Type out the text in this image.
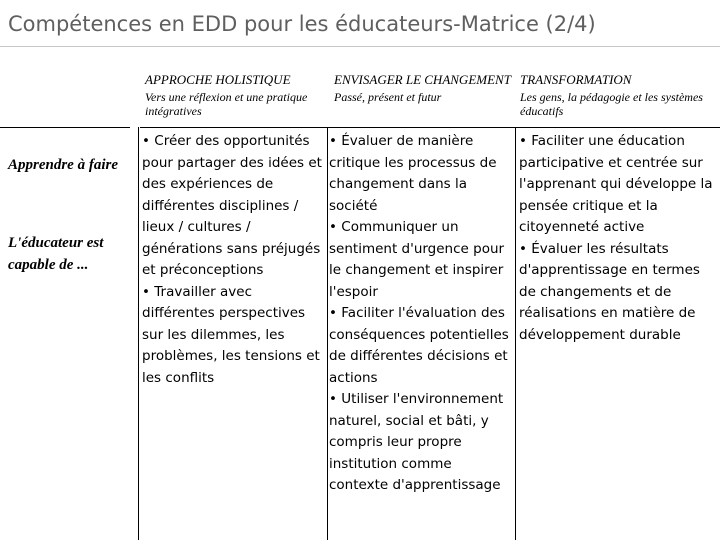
Compétences en EDD pour les éducateurs-Matrice (2/4)
APPROCHE HOLISTIQUE
Vers une réflexion et une pratique intégratives
ENVISAGER LE CHANGEMENT
Passé, présent et futur
TRANSFORMATION
Les gens, la pédagogie et les systèmes éducatifs
Apprendre à faire
L'éducateur est capable de ...
• Créer des opportunités pour partager des idées et des expériences de différentes disciplines / lieux / cultures / générations sans préjugés et préconceptions
• Travailler avec différentes perspectives sur les dilemmes, les problèmes, les tensions et les conflits
• Évaluer de manière critique les processus de changement dans la société
• Communiquer un sentiment d'urgence pour le changement et inspirer l'espoir
• Faciliter l'évaluation des conséquences potentielles de différentes décisions et actions
• Utiliser l'environnement naturel, social et bâti, y compris leur propre institution comme contexte d'apprentissage
• Faciliter une éducation participative et centrée sur l'apprenant qui développe la pensée critique et la citoyenneté active
• Évaluer les résultats d'apprentissage en termes de changements et de réalisations en matière de développement durable
